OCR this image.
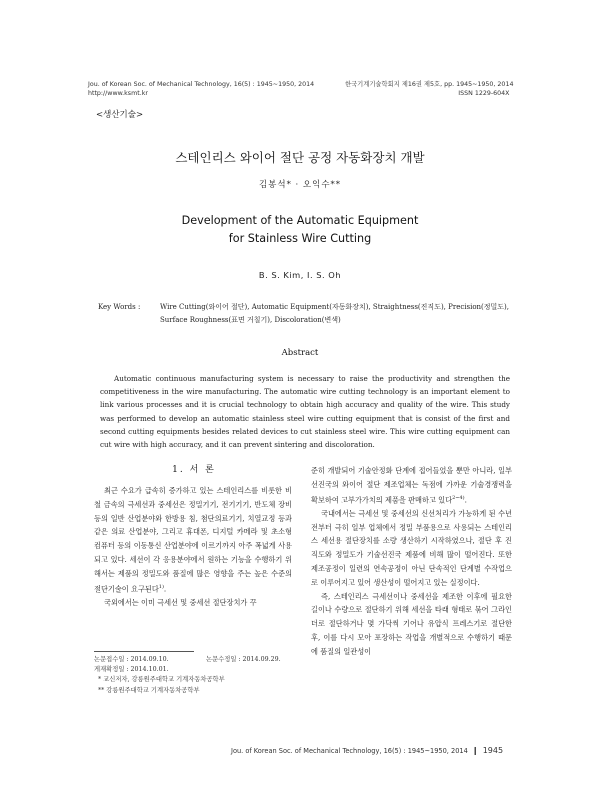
Jou. of Korean Soc. of Mechanical Technology, 16(5) : 1945~1950, 2014
http://www.ksmt.kr
한국기계기술학회지 제16권 제5호, pp. 1945~1950, 2014
ISSN 1229-604X
<생산기술>
스테인리스 와이어 절단 공정 자동화장치 개발
김봉석* · 오익수**
Development of the Automatic Equipment
for Stainless Wire Cutting
B. S. Kim, I. S. Oh
Key Words :	Wire Cutting(와이어 절단), Automatic Equipment(자동화장치), Straightness(진직도), Precision(정밀도), Surface Roughness(표면 거칠기), Discoloration(변색)
Abstract
Automatic continuous manufacturing system is necessary to raise the productivity and strengthen the competitiveness in the wire manufacturing. The automatic wire cutting technology is an important element to link various processes and it is crucial technology to obtain high accuracy and quality of the wire. This study was performed to develop an automatic stainless steel wire cutting equipment that is consist of the first and second cutting equipments besides related devices to cut stainless steel wire. This wire cutting equipment can cut wire with high accuracy, and it can prevent sintering and discoloration.
1. 서 론

최근 수요가 급속히 증가하고 있는 스테인리스를 비롯한 비철 금속의 극세선과 중세선은 정밀기기, 전기기기, 반도체 장비 등의 일반 산업분야와 한방용 침, 첨단의료기기, 치열교정 등과 같은 의료 산업분야, 그리고 휴대폰, 디지털 카메라 및 초소형 컴퓨터 등의 이동통신 산업분야에 이르기까지 아주 폭넓게 사용되고 있다. 세선이 각 응용분야에서 원하는 기능을 수행하기 위해서는 제품의 정밀도와 품질에 많은 영향을 주는 높은 수준의 절단기술이 요구된다$^{1)}$.

국외에서는 이미 극세선 및 중세선 절단장치가 꾸

준히 개발되어 기술안정화 단계에 접어들었을 뿐만 아니라, 일부 선진국의 와이어 절단 제조업체는 독점에 가까운 기술경쟁력을 확보하여 고부가가치의 제품을 판매하고 있다$^{2\sim 4)}$.

국내에서는 극세선 및 중세선의 신선처리가 가능하게 된 수년전부터 극히 일부 업체에서 정밀 부품용으로 사용되는 스테인리스 세선용 절단장치를 소량 생산하기 시작하였으나, 절단 후 진직도와 정밀도가 기술선진국 제품에 비해 많이 떨어진다. 또한 제조공정이 일련의 연속공정이 아닌 단속적인 단계별 수작업으로 이루어지고 있어 생산성이 떨어지고 있는 실정이다.

즉, 스테인리스 극세선이나 중세선을 제조한 이후에 필요한 길이나 수량으로 절단하기 위해 세선을 타래 형태로 묶어 그라인더로 절단하거나 몇 가닥씩 기어나 유압식 프레스기로 절단한 후, 이를 다시 모아 포장하는 작업을 개별적으로 수행하기 때문에 품질의 일관성이

논문접수일 : 2014.09.10.	논문수정일 : 2014.09.29.
게재확정일 : 2014.10.01.
* 교신저자, 강릉원주대학교 기계자동차공학부
** 강릉원주대학교 기계자동차공학부
Jou. of Korean Soc. of Mechanical Technology, 16(5) : 1945~1950, 2014 ❙ 1945
